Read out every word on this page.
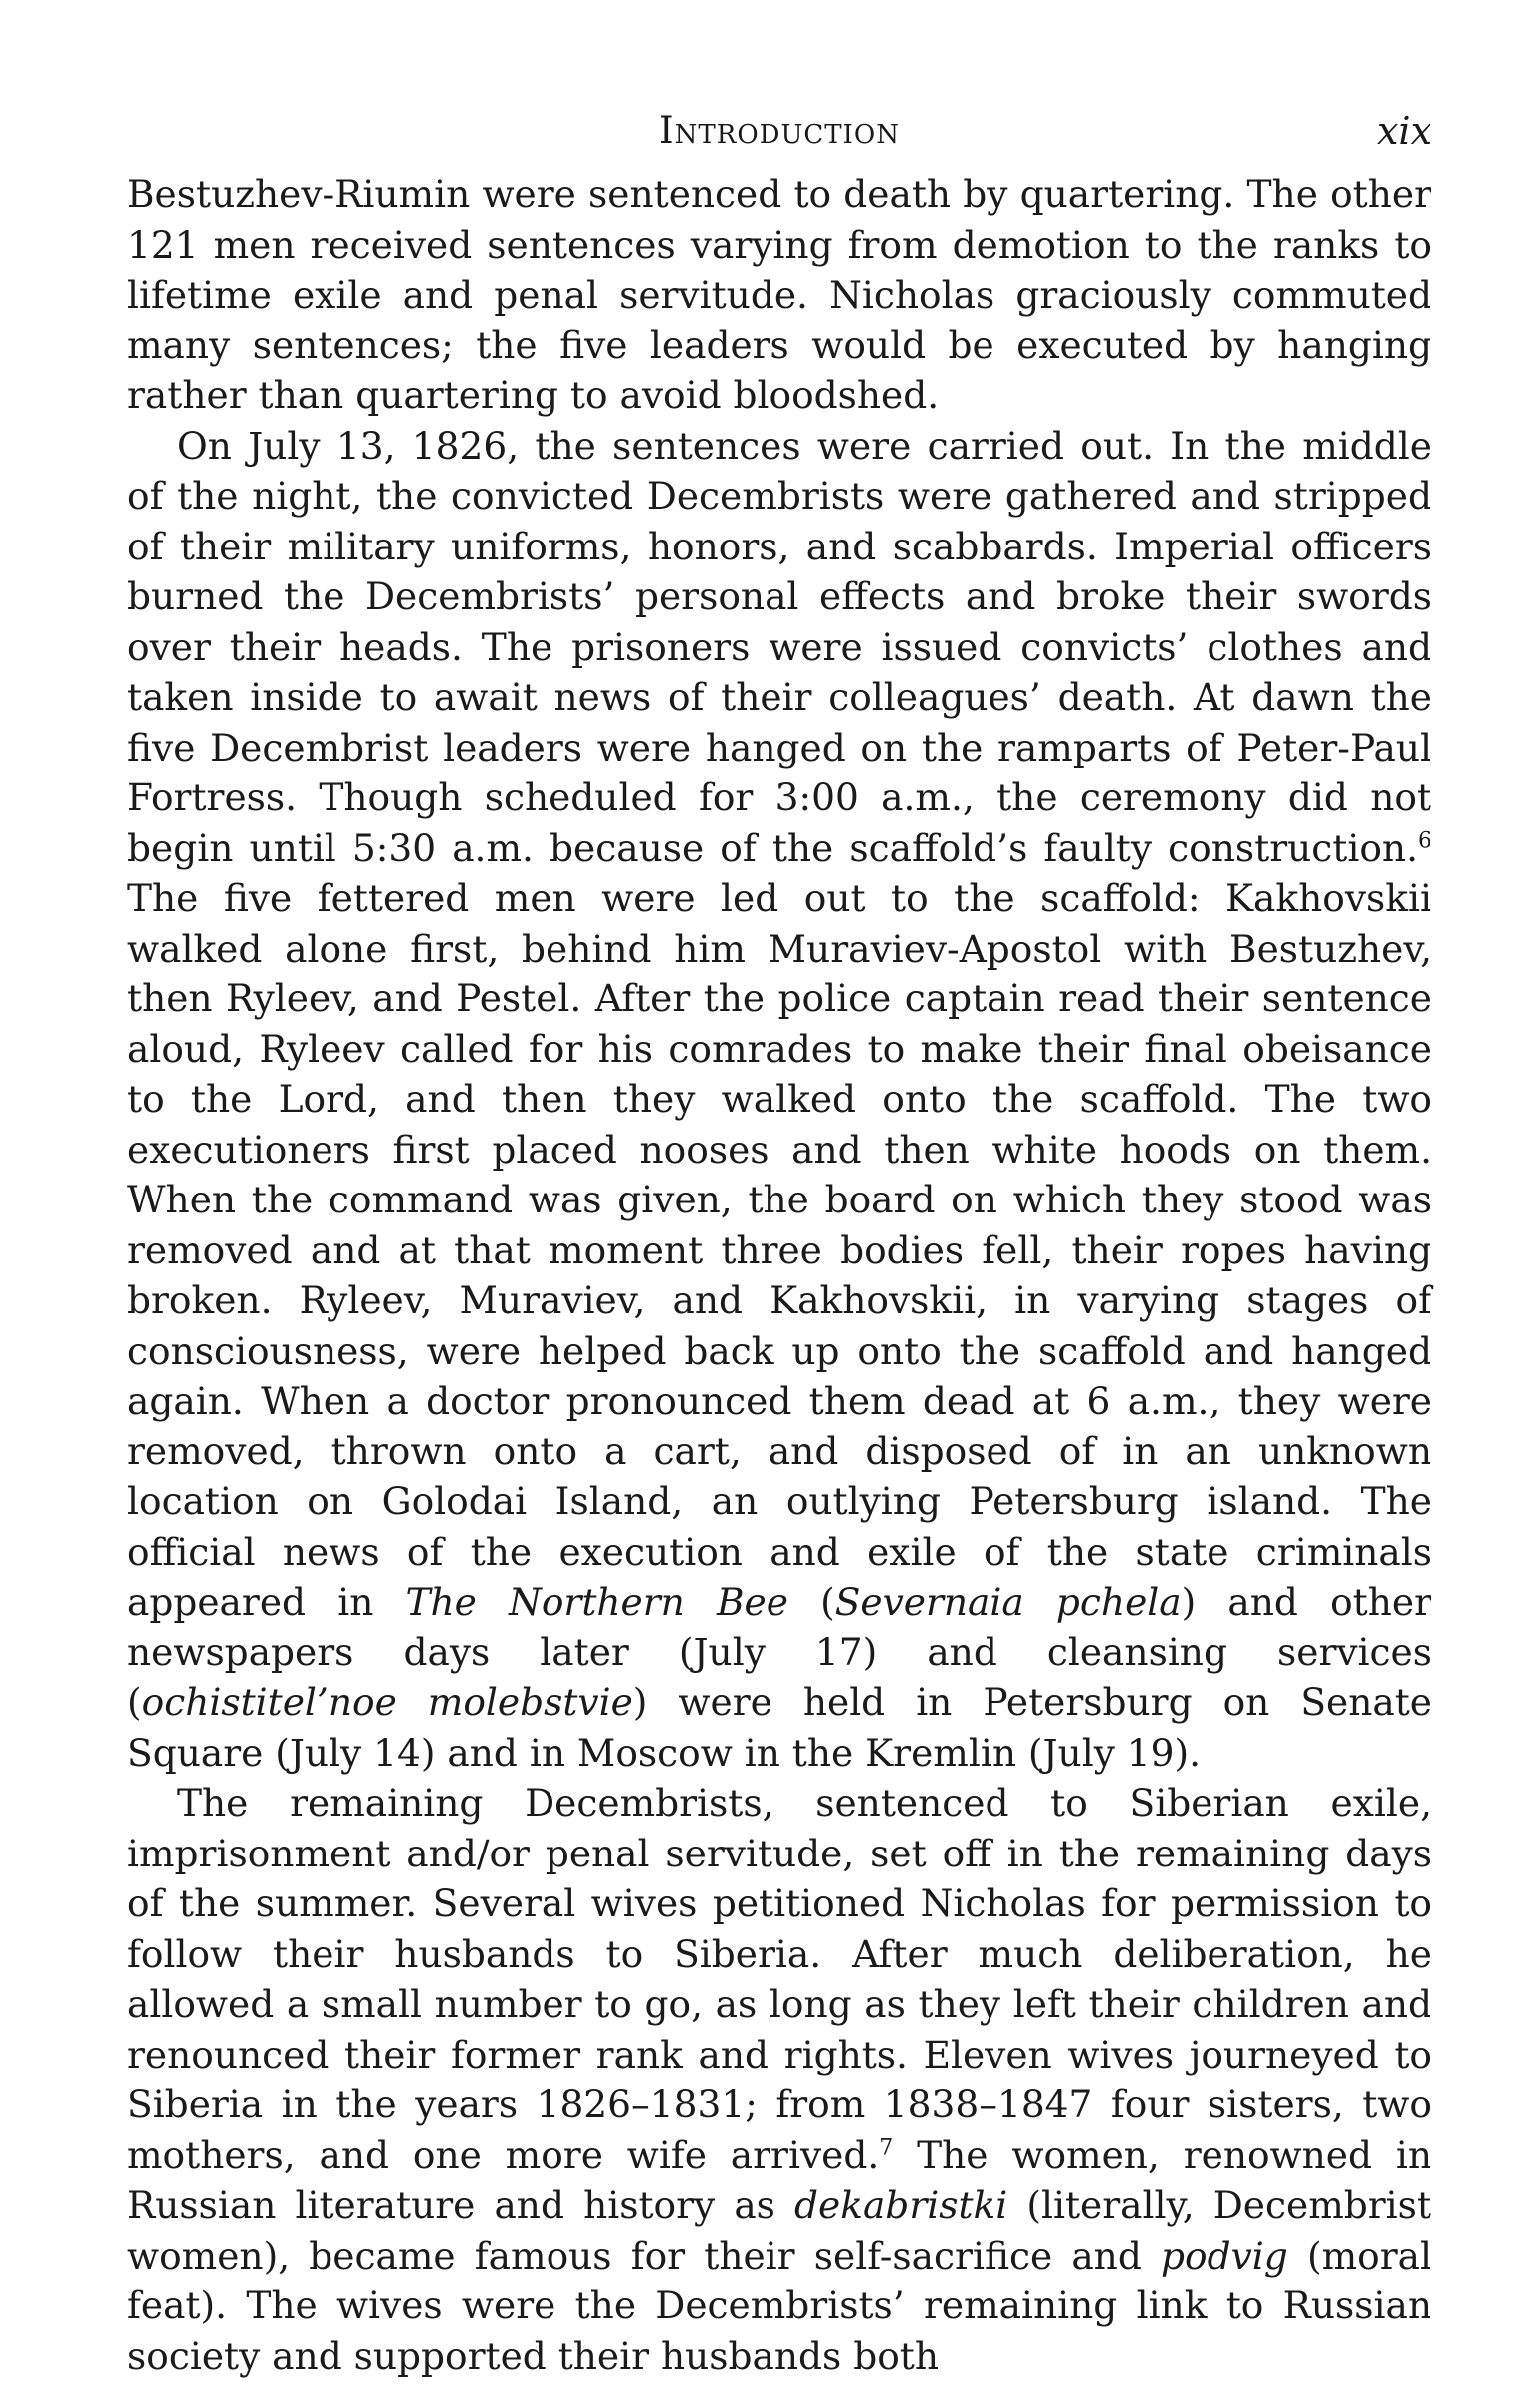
Introduction	xix

Bestuzhev-Riumin were sentenced to death by quartering. The other 121 men received sentences varying from demotion to the ranks to lifetime exile and penal servitude. Nicholas graciously commuted many sentences; the five leaders would be executed by hanging rather than quartering to avoid bloodshed.

On July 13, 1826, the sentences were carried out. In the middle of the night, the convicted Decembrists were gathered and stripped of their military uniforms, honors, and scabbards. Imperial officers burned the Decembrists’ personal effects and broke their swords over their heads. The prisoners were issued convicts’ clothes and taken inside to await news of their colleagues’ death. At dawn the five Decembrist leaders were hanged on the ramparts of Peter-Paul Fortress. Though scheduled for 3:00 a.m., the ceremony did not begin until 5:30 a.m. because of the scaffold’s faulty construction.$^6$ The five fettered men were led out to the scaffold: Kakhovskii walked alone first, behind him Muraviev-Apostol with Bestuzhev, then Ryleev, and Pestel. After the police captain read their sentence aloud, Ryleev called for his comrades to make their final obeisance to the Lord, and then they walked onto the scaffold. The two executioners first placed nooses and then white hoods on them. When the command was given, the board on which they stood was removed and at that moment three bodies fell, their ropes having broken. Ryleev, Muraviev, and Kakhovskii, in varying stages of consciousness, were helped back up onto the scaffold and hanged again. When a doctor pronounced them dead at 6 a.m., they were removed, thrown onto a cart, and disposed of in an unknown location on Golodai Island, an outlying Petersburg island. The official news of the execution and exile of the state criminals appeared in The Northern Bee (Severnaia pchela) and other newspapers days later (July 17) and cleansing services (ochistitel’noe molebstvie) were held in Petersburg on Senate Square (July 14) and in Moscow in the Kremlin (July 19).

The remaining Decembrists, sentenced to Siberian exile, imprisonment and/or penal servitude, set off in the remaining days of the summer. Several wives petitioned Nicholas for permission to follow their husbands to Siberia. After much deliberation, he allowed a small number to go, as long as they left their children and renounced their former rank and rights. Eleven wives journeyed to Siberia in the years 1826–1831; from 1838–1847 four sisters, two mothers, and one more wife arrived.$^7$ The women, renowned in Russian literature and history as dekabristki (literally, Decembrist women), became famous for their self-sacrifice and podvig (moral feat). The wives were the Decembrists’ remaining link to Russian society and supported their husbands both
